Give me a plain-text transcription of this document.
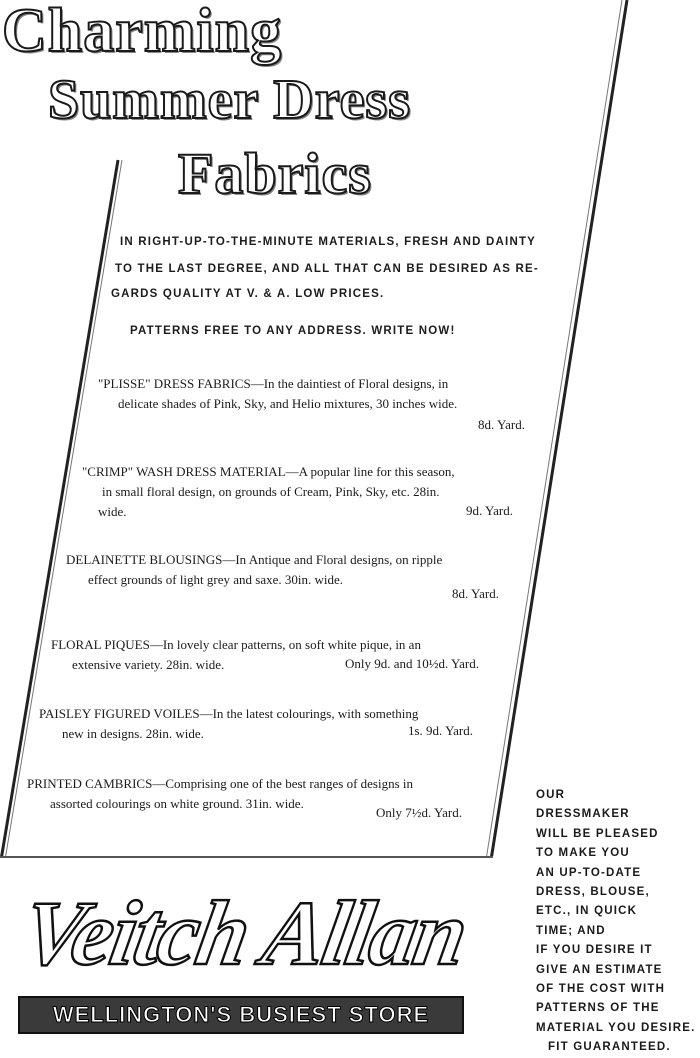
Charming
Summer Dress
Fabrics
IN RIGHT-UP-TO-THE-MINUTE MATERIALS, FRESH AND DAINTY
TO THE LAST DEGREE, AND ALL THAT CAN BE DESIRED AS RE-
GARDS QUALITY AT V. & A. LOW PRICES.
PATTERNS FREE TO ANY ADDRESS. WRITE NOW!
"PLISSE" DRESS FABRICS—In the daintiest of Floral designs, in
delicate shades of Pink, Sky, and Helio mixtures, 30 inches wide.
8d. Yard.
"CRIMP" WASH DRESS MATERIAL—A popular line for this season,
in small floral design, on grounds of Cream, Pink, Sky, etc. 28in.
wide.	9d. Yard.
DELAINETTE BLOUSINGS—In Antique and Floral designs, on ripple
effect grounds of light grey and saxe. 30in. wide.
8d. Yard.
FLORAL PIQUES—In lovely clear patterns, on soft white pique, in an
extensive variety. 28in. wide.	Only 9d. and 10½d. Yard.
PAISLEY FIGURED VOILES—In the latest colourings, with something
new in designs. 28in. wide.	1s. 9d. Yard.
PRINTED CAMBRICS—Comprising one of the best ranges of designs in
assorted colourings on white ground. 31in. wide.
Only 7½d. Yard.
Veitch Allan
WELLINGTON'S BUSIEST STORE
OUR
DRESSMAKER
WILL BE PLEASED
TO MAKE YOU
AN UP-TO-DATE
DRESS, BLOUSE,
ETC., IN QUICK
TIME; AND
IF YOU DESIRE IT
GIVE AN ESTIMATE
OF THE COST WITH
PATTERNS OF THE
MATERIAL YOU DESIRE.
FIT GUARANTEED.
